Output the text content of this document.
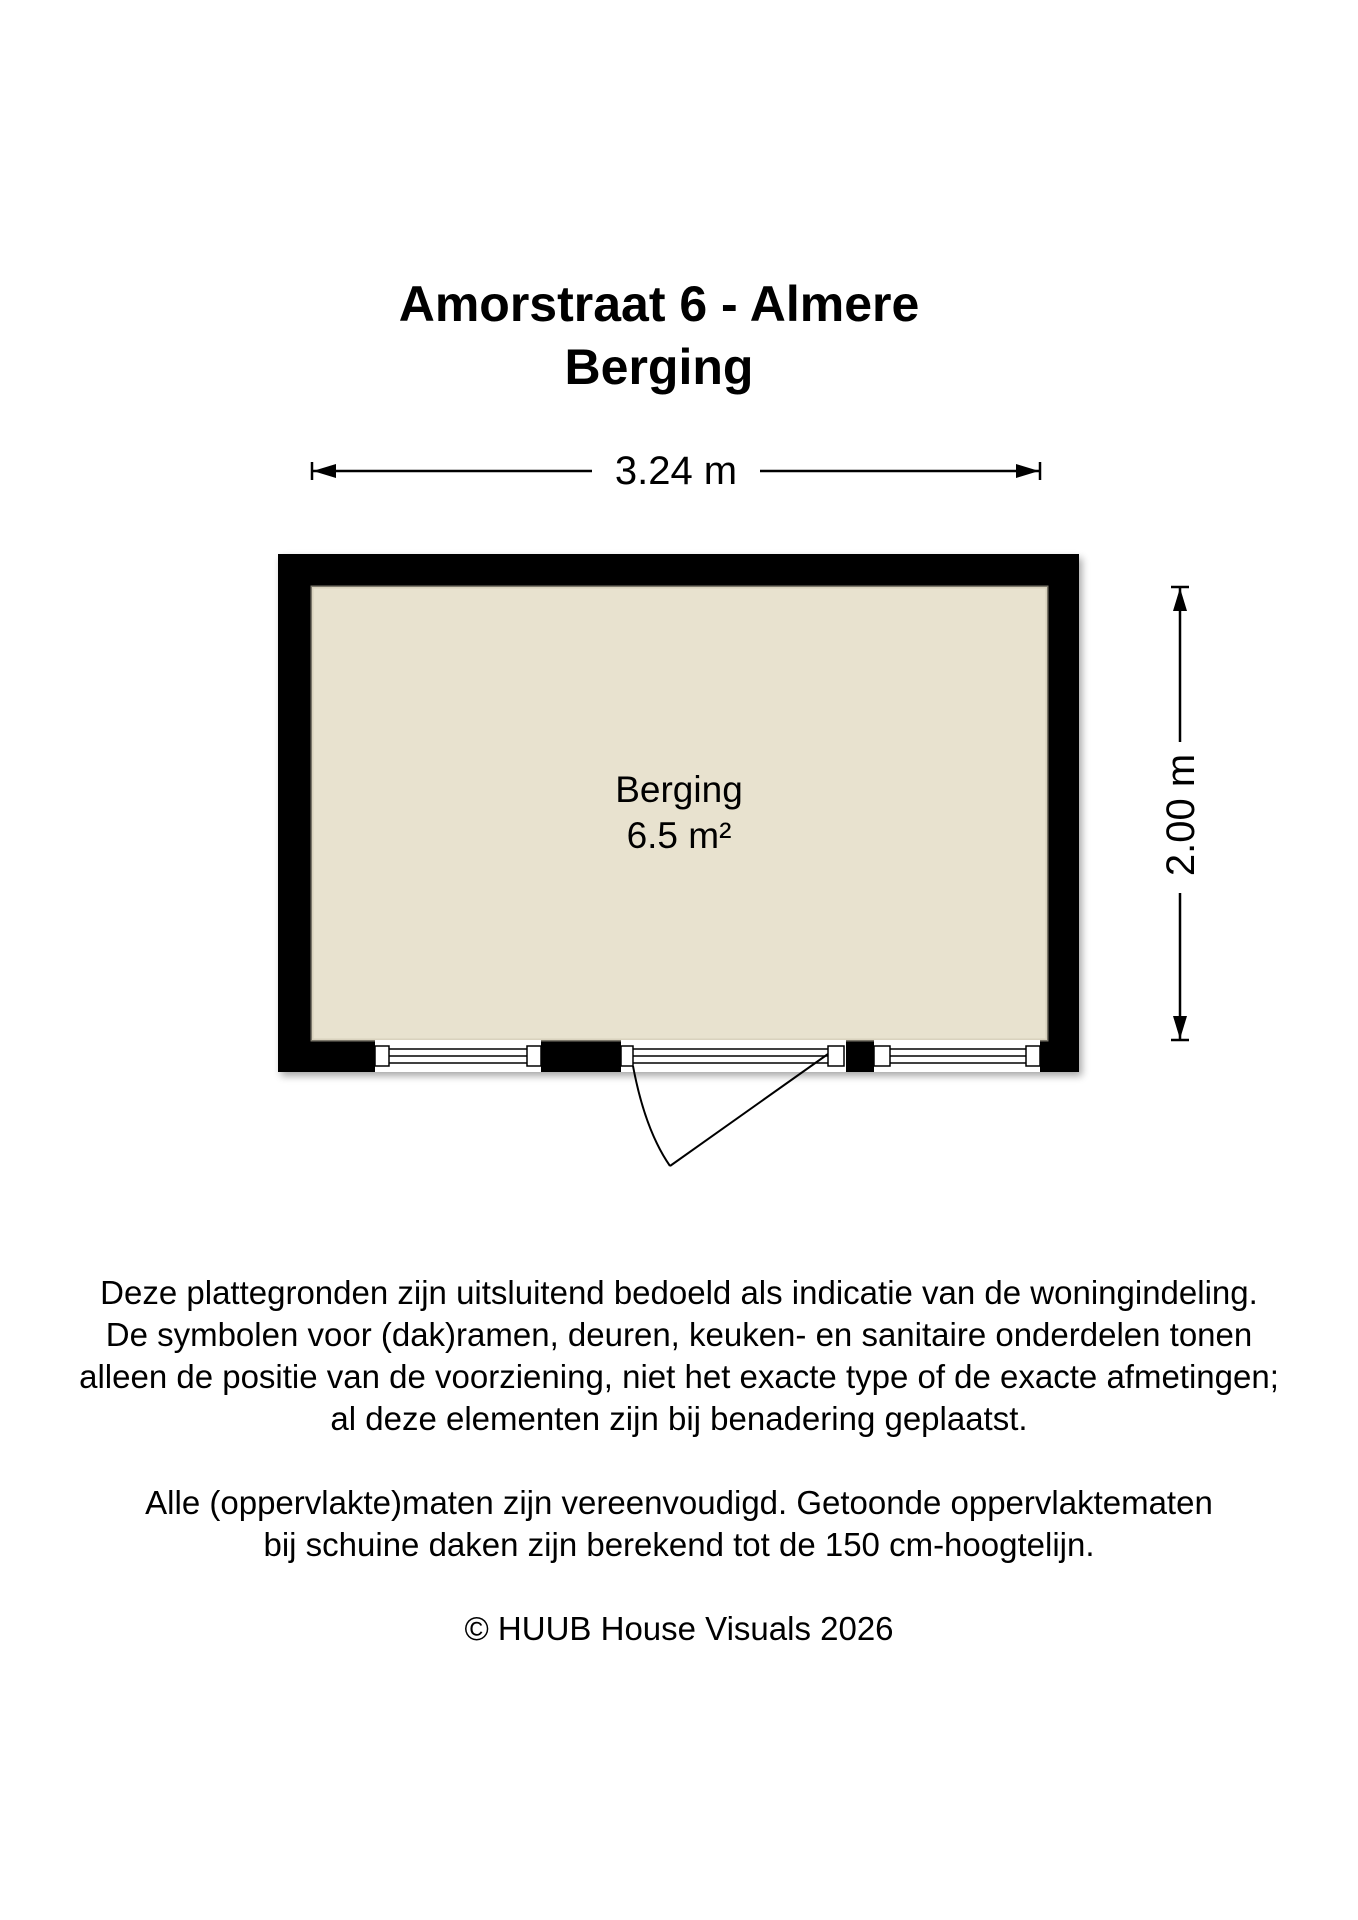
Amorstraat 6 - Almere
Berging
3.24 m
2.00 m
Berging
6.5 m²
Deze plattegronden zijn uitsluitend bedoeld als indicatie van de woningindeling.
De symbolen voor (dak)ramen, deuren, keuken- en sanitaire onderdelen tonen
alleen de positie van de voorziening, niet het exacte type of de exacte afmetingen;
al deze elementen zijn bij benadering geplaatst.
Alle (oppervlakte)maten zijn vereenvoudigd. Getoonde oppervlaktematen
bij schuine daken zijn berekend tot de 150 cm-hoogtelijn.
© HUUB House Visuals 2026
